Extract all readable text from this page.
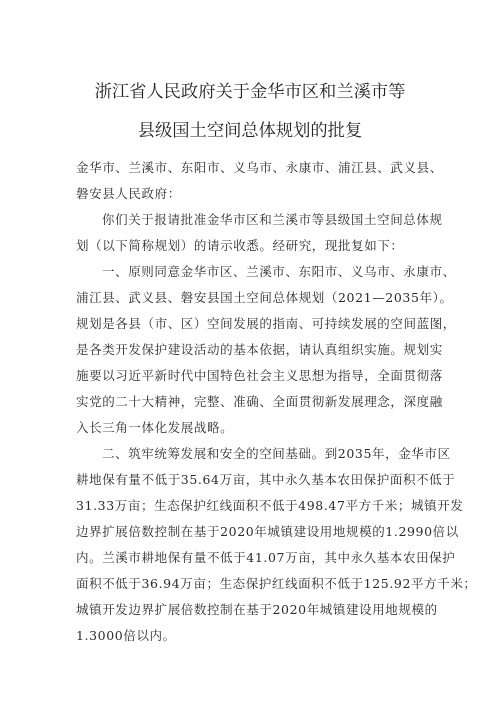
浙江省人民政府关于金华市区和兰溪市等
县级国土空间总体规划的批复
金华市、兰溪市、东阳市、义乌市、永康市、浦江县、武义县、
磐安县人民政府：
你们关于报请批准金华市区和兰溪市等县级国土空间总体规
划（以下简称规划）的请示收悉。经研究，现批复如下：
一、原则同意金华市区、兰溪市、东阳市、义乌市、永康市、
浦江县、武义县、磐安县国土空间总体规划（2021—2035年）。
规划是各县（市、区）空间发展的指南、可持续发展的空间蓝图，
是各类开发保护建设活动的基本依据，请认真组织实施。规划实
施要以习近平新时代中国特色社会主义思想为指导，全面贯彻落
实党的二十大精神，完整、准确、全面贯彻新发展理念，深度融
入长三角一体化发展战略。
二、筑牢统筹发展和安全的空间基础。到2035年，金华市区
耕地保有量不低于35.64万亩，其中永久基本农田保护面积不低于
31.33万亩；生态保护红线面积不低于498.47平方千米；城镇开发
边界扩展倍数控制在基于2020年城镇建设用地规模的1.2990倍以
内。兰溪市耕地保有量不低于41.07万亩，其中永久基本农田保护
面积不低于36.94万亩；生态保护红线面积不低于125.92平方千米；
城镇开发边界扩展倍数控制在基于2020年城镇建设用地规模的
1.3000倍以内。
